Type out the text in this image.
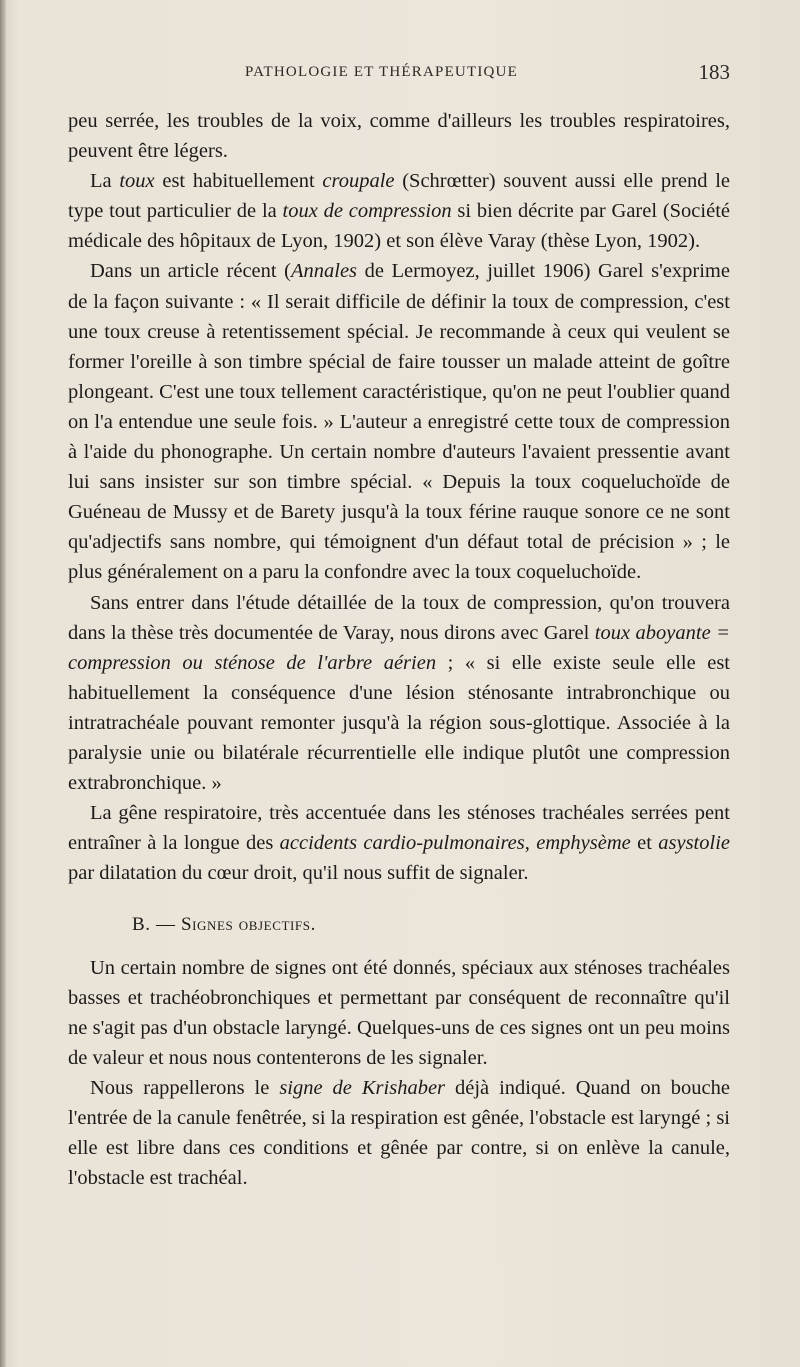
PATHOLOGIE ET THÉRAPEUTIQUE	183

peu serrée, les troubles de la voix, comme d'ailleurs les troubles respiratoires, peuvent être légers.

La toux est habituellement croupale (Schrœtter) souvent aussi elle prend le type tout particulier de la toux de compression si bien décrite par Garel (Société médicale des hôpitaux de Lyon, 1902) et son élève Varay (thèse Lyon, 1902).

Dans un article récent (Annales de Lermoyez, juillet 1906) Garel s'exprime de la façon suivante : « Il serait difficile de définir la toux de compression, c'est une toux creuse à retentissement spécial. Je recommande à ceux qui veulent se former l'oreille à son timbre spécial de faire tousser un malade atteint de goître plongeant. C'est une toux tellement caractéristique, qu'on ne peut l'oublier quand on l'a entendue une seule fois. » L'auteur a enregistré cette toux de compression à l'aide du phonographe. Un certain nombre d'auteurs l'avaient pressentie avant lui sans insister sur son timbre spécial. « Depuis la toux coqueluchoïde de Guéneau de Mussy et de Barety jusqu'à la toux férine rauque sonore ce ne sont qu'adjectifs sans nombre, qui témoignent d'un défaut total de précision » ; le plus généralement on a paru la confondre avec la toux coqueluchoïde.

Sans entrer dans l'étude détaillée de la toux de compression, qu'on trouvera dans la thèse très documentée de Varay, nous dirons avec Garel toux aboyante = compression ou sténose de l'arbre aérien ; « si elle existe seule elle est habituellement la conséquence d'une lésion sténosante intrabronchique ou intratrachéale pouvant remonter jusqu'à la région sous-glottique. Associée à la paralysie unie ou bilatérale récurrentielle elle indique plutôt une compression extrabronchique. »

La gêne respiratoire, très accentuée dans les sténoses trachéales serrées pent entraîner à la longue des accidents cardio-pulmonaires, emphysème et asystolie par dilatation du cœur droit, qu'il nous suffit de signaler.

B. — Signes objectifs.

Un certain nombre de signes ont été donnés, spéciaux aux sténoses trachéales basses et trachéobronchiques et permettant par conséquent de reconnaître qu'il ne s'agit pas d'un obstacle laryngé. Quelques-uns de ces signes ont un peu moins de valeur et nous nous contenterons de les signaler.

Nous rappellerons le signe de Krishaber déjà indiqué. Quand on bouche l'entrée de la canule fenêtrée, si la respiration est gênée, l'obstacle est laryngé ; si elle est libre dans ces conditions et gênée par contre, si on enlève la canule, l'obstacle est trachéal.
